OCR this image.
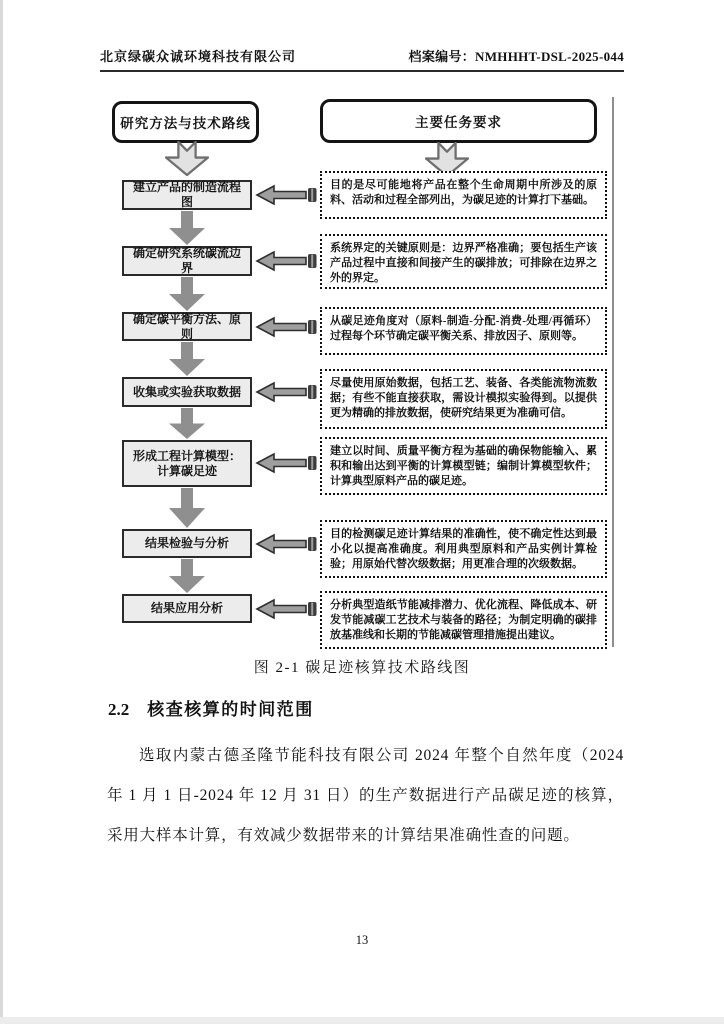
北京绿碳众诚环境科技有限公司	档案编号：NMHHHT-DSL-2025-044
研究方法与技术路线	主要任务要求
建立产品的制造流程图
确定研究系统碳流边界
确定碳平衡方法、原则
收集或实验获取数据
形成工程计算模型：计算碳足迹
结果检验与分析
结果应用分析
目的是尽可能地将产品在整个生命周期中所涉及的原料、活动和过程全部列出，为碳足迹的计算打下基础。
系统界定的关键原则是：边界严格准确；要包括生产该产品过程中直接和间接产生的碳排放；可排除在边界之外的界定。
从碳足迹角度对（原料-制造-分配-消费-处理/再循环）过程每个环节确定碳平衡关系、排放因子、原则等。
尽量使用原始数据，包括工艺、装备、各类能流物流数据；有些不能直接获取，需设计模拟实验得到。以提供更为精确的排放数据，使研究结果更为准确可信。
建立以时间、质量平衡方程为基础的确保物能输入、累积和输出达到平衡的计算模型链；编制计算模型软件；计算典型原料产品的碳足迹。
目的检测碳足迹计算结果的准确性，使不确定性达到最小化以提高准确度。利用典型原料和产品实例计算检验；用原始代替次级数据；用更准合理的次级数据。
分析典型造纸节能减排潜力、优化流程、降低成本、研发节能减碳工艺技术与装备的路径；为制定明确的碳排放基准线和长期的节能减碳管理措施提出建议。
图 2-1 碳足迹核算技术路线图
2.2 核查核算的时间范围
选取内蒙古德圣隆节能科技有限公司 2024 年整个自然年度（2024 年 1 月 1 日-2024 年 12 月 31 日）的生产数据进行产品碳足迹的核算，采用大样本计算，有效减少数据带来的计算结果准确性查的问题。
13
